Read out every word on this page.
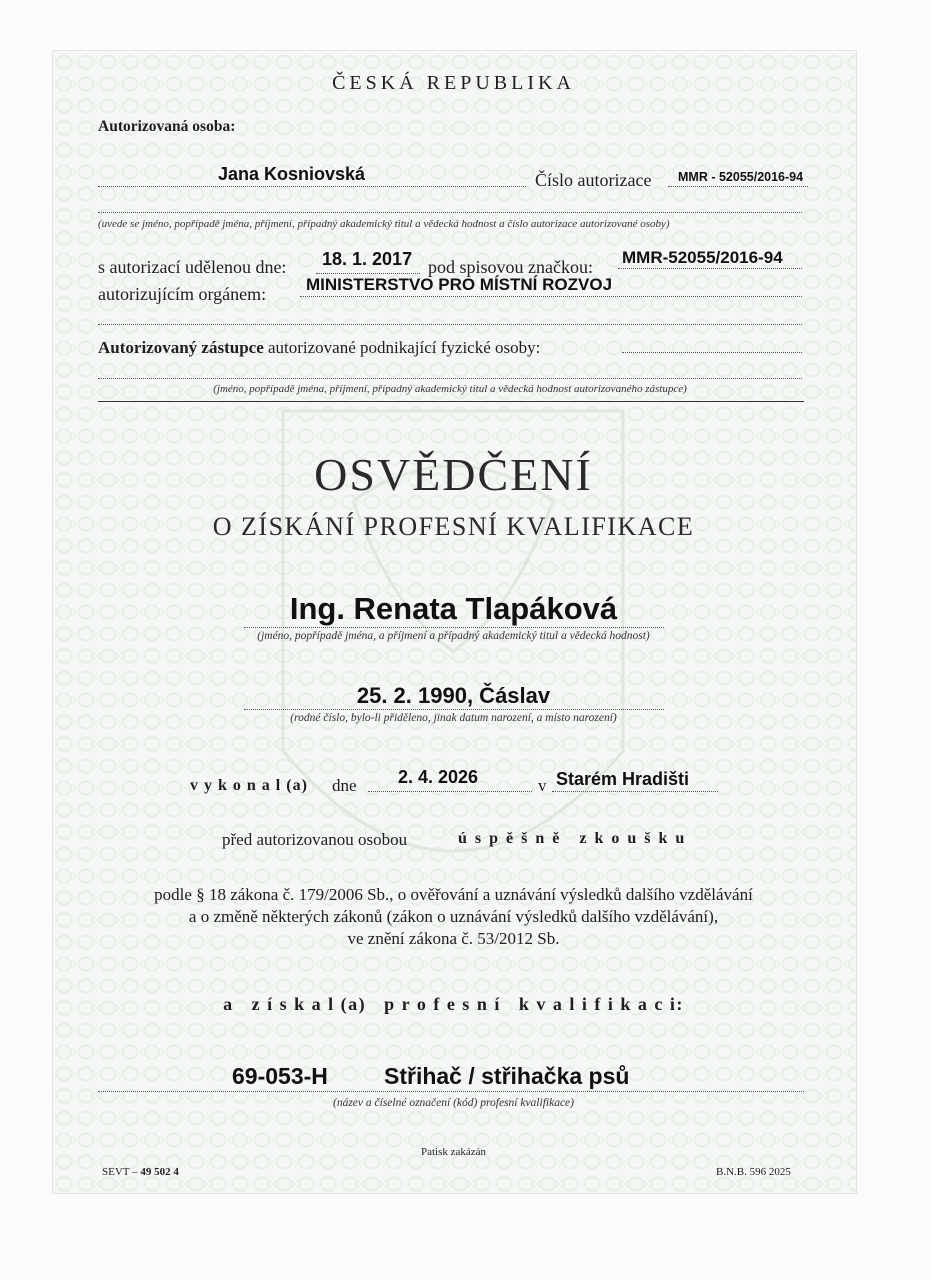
ČESKÁ REPUBLIKA
Autorizovaná osoba:
Jana Kosniovská	Číslo autorizace MMR - 52055/2016-94
(uvede se jméno, popřípadě jména, příjmení, případný akademický titul a vědecká hodnost a číslo autorizace autorizované osoby)
s autorizací udělenou dne: 18. 1. 2017 pod spisovou značkou: MMR-52055/2016-94
autorizujícím orgánem: MINISTERSTVO PRO MÍSTNÍ ROZVOJ
Autorizovaný zástupce autorizované podnikající fyzické osoby:
(jméno, popřípadě jména, příjmení, případný akademický titul a vědecká hodnost autorizovaného zástupce)
OSVĚDČENÍ
O ZÍSKÁNÍ PROFESNÍ KVALIFIKACE
Ing. Renata Tlapáková
(jméno, popřípadě jména, a příjmení a případný akademický titul a vědecká hodnost)
25. 2. 1990, Čáslav
(rodné číslo, bylo-li přiděleno, jinak datum narození, a místo narození)
v y k o n a l (a) dne 2. 4. 2026	v Starém Hradišti
před autorizovanou osobou	ú s p ě š n ě   z k o u š k u
podle § 18 zákona č. 179/2006 Sb., o ověřování a uznávání výsledků dalšího vzdělávání
a o změně některých zákonů (zákon o uznávání výsledků dalšího vzdělávání),
ve znění zákona č. 53/2012 Sb.
a   z í s k a l (a)   p r o f e s n í   k v a l i f i k a c i:
69-053-H Střihač / střihačka psů
(název a číselné označení (kód) profesní kvalifikace)
Patisk zakázán
SEVT – 49 502 4	B.N.B. 596 2025
